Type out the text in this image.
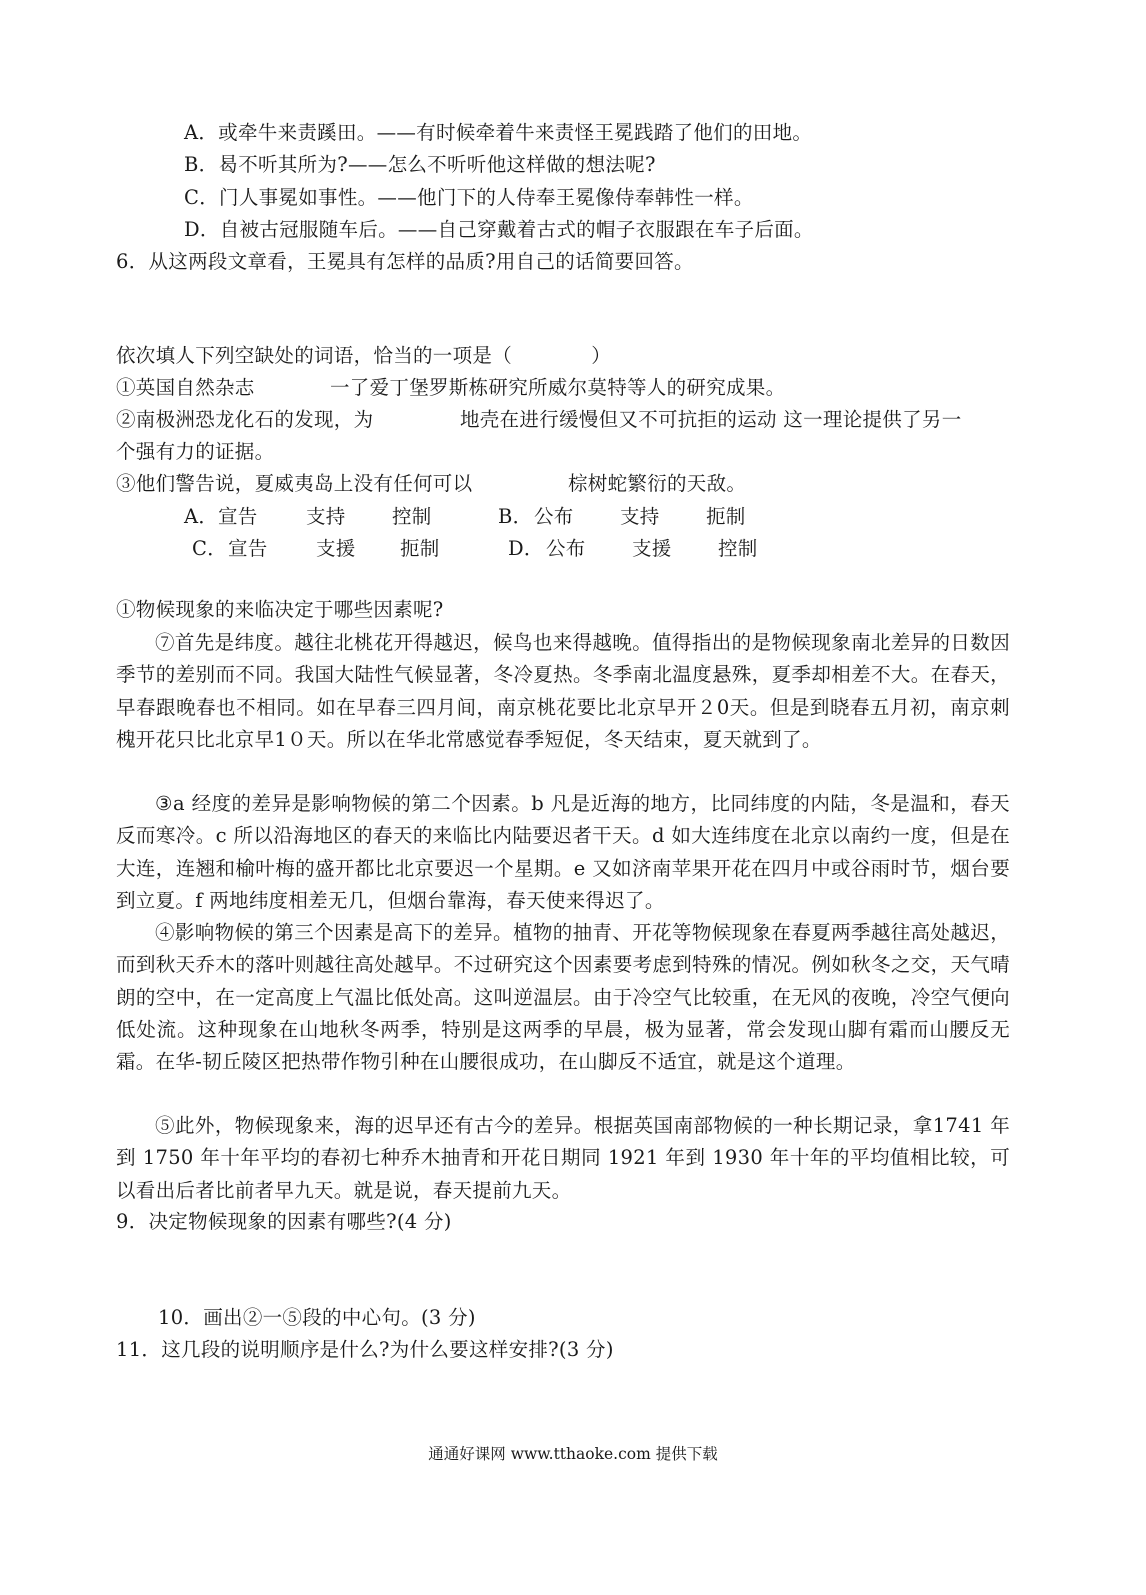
A．或牵牛来责蹊田。——有时候牵着牛来责怪王冕践踏了他们的田地。
B．曷不听其所为?——怎么不听听他这样做的想法呢?
C．门人事冕如事性。——他门下的人侍奉王冕像侍奉韩性一样。
D．自被古冠服随车后。——自己穿戴着古式的帽子衣服跟在车子后面。
6．从这两段文章看，王冕具有怎样的品质?用自己的话简要回答。
依次填人下列空缺处的词语，恰当的一项是（　　　　）
①英国自然杂志	一了爱丁堡罗斯栋研究所威尔莫特等人的研究成果。
②南极洲恐龙化石的发现，为	地壳在进行缓慢但又不可抗拒的运动 这一理论提供了另一
个强有力的证据。
③他们警告说，夏威夷岛上没有任何可以	棕树蛇繁衍的天敌。
A． 宣告 支持 控制	B． 公布 支持 扼制
C． 宣告 支援 扼制	D． 公布 支援 控制
①物候现象的来临决定于哪些因素呢?
⑦首先是纬度。越往北桃花开得越迟，候鸟也来得越晚。值得指出的是物候现象南北差异的日数因季节的差别而不同。我国大陆性气候显著，冬冷夏热。冬季南北温度悬殊，夏季却相差不大。在春天，早春跟晚春也不相同。如在早春三四月间，南京桃花要比北京早开２0天。但是到晓春五月初，南京刺槐开花只比北京早1０天。所以在华北常感觉春季短促，冬天结束，夏天就到了。
③a 经度的差异是影响物候的第二个因素。b 凡是近海的地方，比同纬度的内陆，冬是温和，春天反而寒冷。c 所以沿海地区的春天的来临比内陆要迟者干天。d 如大连纬度在北京以南约一度，但是在大连，连翘和榆叶梅的盛开都比北京要迟一个星期。e 又如济南苹果开花在四月中或谷雨时节，烟台要到立夏。f 两地纬度相差无几，但烟台靠海，春天使来得迟了。
④影响物候的第三个因素是高下的差异。植物的抽青、开花等物候现象在春夏两季越往高处越迟，而到秋天乔木的落叶则越往高处越早。不过研究这个因素要考虑到特殊的情况。例如秋冬之交，天气晴朗的空中，在一定高度上气温比低处高。这叫逆温层。由于冷空气比较重，在无风的夜晚，冷空气便向低处流。这种现象在山地秋冬两季，特别是这两季的早晨，极为显著，常会发现山脚有霜而山腰反无霜。在华-韧丘陵区把热带作物引种在山腰很成功，在山脚反不适宜，就是这个道理。
⑤此外，物候现象来，海的迟早还有古今的差异。根据英国南部物候的一种长期记录，拿1741 年到 1750 年十年平均的春初七种乔木抽青和开花日期同 1921 年到 1930 年十年的平均值相比较，可以看出后者比前者早九天。就是说，春天提前九天。
9．决定物候现象的因素有哪些?(4 分)
10．画出②一⑤段的中心句。(3 分)
11．这几段的说明顺序是什么?为什么要这样安排?(3 分)
通通好课网 www.tthaoke.com 提供下载
